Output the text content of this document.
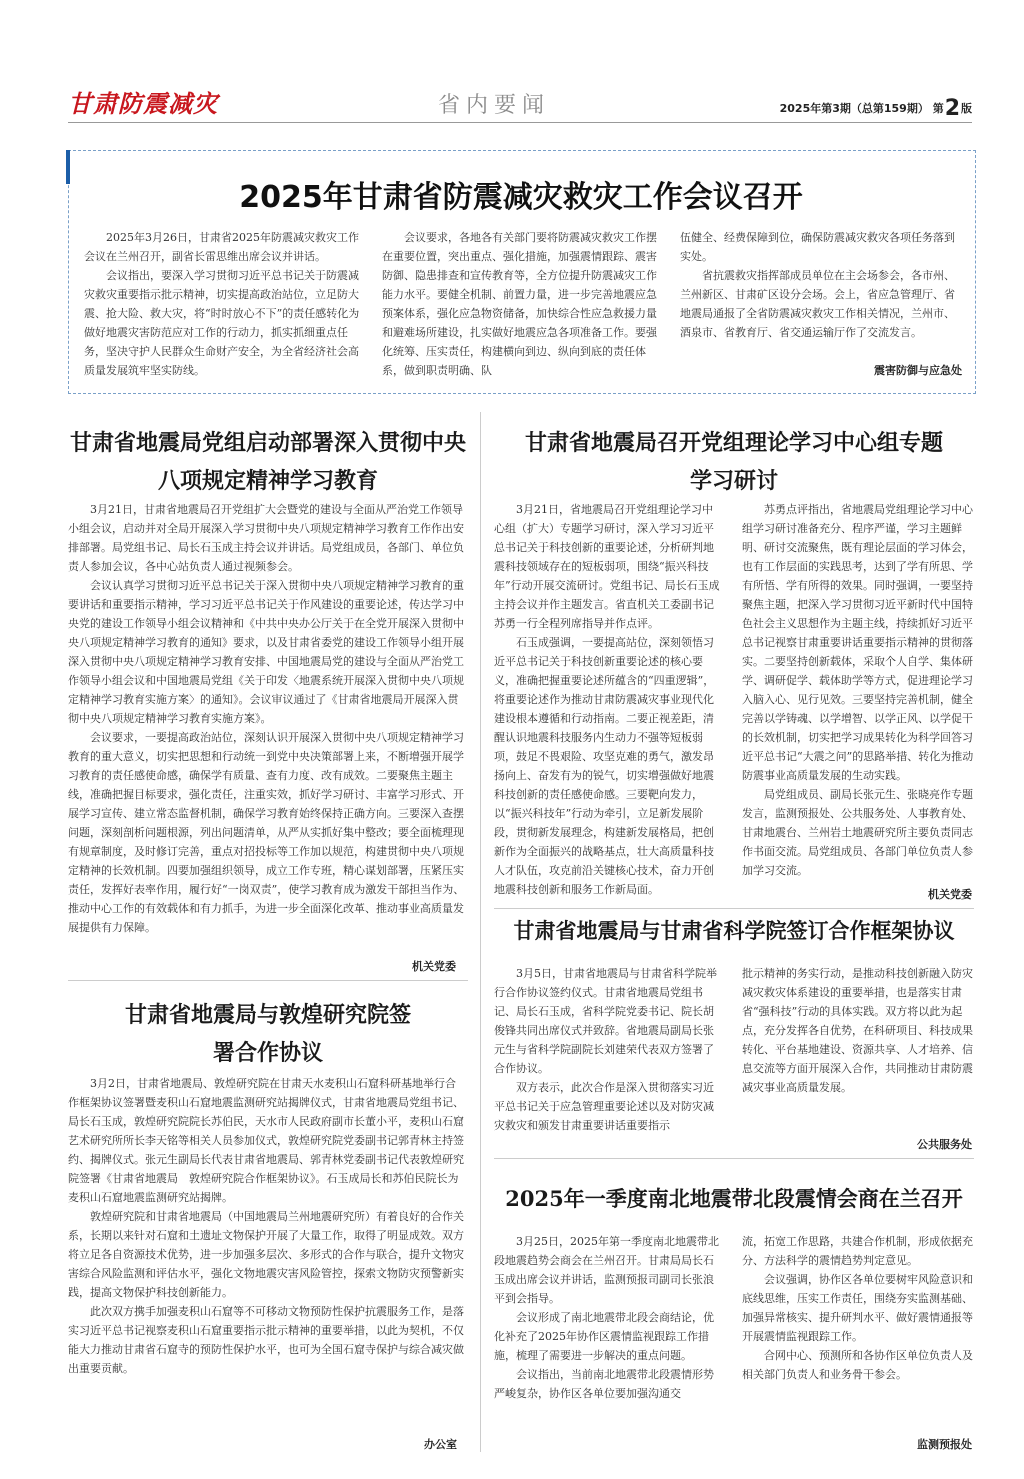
甘肃防震减灾	省内要闻	2025年第3期（总第159期） 第2版
2025年甘肃省防震减灾救灾工作会议召开

2025年3月26日，甘肃省2025年防震减灾救灾工作会议在兰州召开，副省长雷思维出席会议并讲话。

会议指出，要深入学习贯彻习近平总书记关于防震减灾救灾重要指示批示精神，切实提高政治站位，立足防大震、抢大险、救大灾，将“时时放心不下”的责任感转化为做好地震灾害防范应对工作的行动力，抓实抓细重点任务，坚决守护人民群众生命财产安全，为全省经济社会高质量发展筑牢坚实防线。

会议要求，各地各有关部门要将防震减灾救灾工作摆在重要位置，突出重点、强化措施，加强震情跟踪、震害防御、隐患排查和宣传教育等，全方位提升防震减灾工作能力水平。要健全机制、前置力量，进一步完善地震应急预案体系，强化应急物资储备，加快综合性应急救援力量和避难场所建设，扎实做好地震应急各项准备工作。要强化统筹、压实责任，构建横向到边、纵向到底的责任体系，做到职责明确、队

伍健全、经费保障到位，确保防震减灾救灾各项任务落到实处。

省抗震救灾指挥部成员单位在主会场参会，各市州、兰州新区、甘肃矿区设分会场。会上，省应急管理厅、省地震局通报了全省防震减灾救灾工作相关情况，兰州市、酒泉市、省教育厅、省交通运输厅作了交流发言。

震害防御与应急处
甘肃省地震局党组启动部署深入贯彻中央八项规定精神学习教育

3月21日，甘肃省地震局召开党组扩大会暨党的建设与全面从严治党工作领导小组会议，启动并对全局开展深入学习贯彻中央八项规定精神学习教育工作作出安排部署。局党组书记、局长石玉成主持会议并讲话。局党组成员，各部门、单位负责人参加会议，各中心站负责人通过视频参会。

会议认真学习贯彻习近平总书记关于深入贯彻中央八项规定精神学习教育的重要讲话和重要指示精神，学习习近平总书记关于作风建设的重要论述，传达学习中央党的建设工作领导小组会议精神和《中共中央办公厅关于在全党开展深入贯彻中央八项规定精神学习教育的通知》要求，以及甘肃省委党的建设工作领导小组开展深入贯彻中央八项规定精神学习教育安排、中国地震局党的建设与全面从严治党工作领导小组会议和中国地震局党组《关于印发〈地震系统开展深入贯彻中央八项规定精神学习教育实施方案〉的通知》。会议审议通过了《甘肃省地震局开展深入贯彻中央八项规定精神学习教育实施方案》。

会议要求，一要提高政治站位，深刻认识开展深入贯彻中央八项规定精神学习教育的重大意义，切实把思想和行动统一到党中央决策部署上来，不断增强开展学习教育的责任感使命感，确保学有质量、查有力度、改有成效。二要聚焦主题主线，准确把握目标要求，强化责任，注重实效，抓好学习研讨、丰富学习形式、开展学习宣传、建立常态监督机制，确保学习教育始终保持正确方向。三要深入查摆问题，深刻剖析问题根源，列出问题清单，从严从实抓好集中整改；要全面梳理现有规章制度，及时修订完善，重点对招投标等工作加以规范，构建贯彻中央八项规定精神的长效机制。四要加强组织领导，成立工作专班，精心谋划部署，压紧压实责任，发挥好表率作用，履行好“一岗双责”，使学习教育成为激发干部担当作为、推动中心工作的有效载体和有力抓手，为进一步全面深化改革、推动事业高质量发展提供有力保障。

机关党委
甘肃省地震局与敦煌研究院签署合作协议

3月2日，甘肃省地震局、敦煌研究院在甘肃天水麦积山石窟科研基地举行合作框架协议签署暨麦积山石窟地震监测研究站揭牌仪式，甘肃省地震局党组书记、局长石玉成，敦煌研究院院长苏伯民，天水市人民政府副市长董小平，麦积山石窟艺术研究所所长李天铭等相关人员参加仪式，敦煌研究院党委副书记郭青林主持签约、揭牌仪式。张元生副局长代表甘肃省地震局、郭青林党委副书记代表敦煌研究院签署《甘肃省地震局　敦煌研究院合作框架协议》。石玉成局长和苏伯民院长为麦积山石窟地震监测研究站揭牌。

敦煌研究院和甘肃省地震局（中国地震局兰州地震研究所）有着良好的合作关系，长期以来针对石窟和土遗址文物保护开展了大量工作，取得了明显成效。双方将立足各自资源技术优势，进一步加强多层次、多形式的合作与联合，提升文物灾害综合风险监测和评估水平，强化文物地震灾害风险管控，探索文物防灾预警新实践，提高文物保护科技创新能力。

此次双方携手加强麦积山石窟等不可移动文物预防性保护抗震服务工作，是落实习近平总书记视察麦积山石窟重要指示批示精神的重要举措，以此为契机，不仅能大力推动甘肃省石窟寺的预防性保护水平，也可为全国石窟寺保护与综合减灾做出重要贡献。

办公室
甘肃省地震局召开党组理论学习中心组专题学习研讨

3月21日，省地震局召开党组理论学习中心组（扩大）专题学习研讨，深入学习习近平总书记关于科技创新的重要论述，分析研判地震科技领域存在的短板弱项，围绕“振兴科技年”行动开展交流研讨。党组书记、局长石玉成主持会议并作主题发言。省直机关工委副书记苏勇一行全程列席指导并作点评。

石玉成强调，一要提高站位，深刻领悟习近平总书记关于科技创新重要论述的核心要义，准确把握重要论述所蕴含的“四重逻辑”，将重要论述作为推动甘肃防震减灾事业现代化建设根本遵循和行动指南。二要正视差距，清醒认识地震科技服务内生动力不强等短板弱项，鼓足不畏艰险、攻坚克难的勇气，激发昂扬向上、奋发有为的锐气，切实增强做好地震科技创新的责任感使命感。三要靶向发力，以“振兴科技年”行动为牵引，立足新发展阶段，贯彻新发展理念，构建新发展格局，把创新作为全面振兴的战略基点，壮大高质量科技人才队伍，攻克前沿关键核心技术，奋力开创地震科技创新和服务工作新局面。

苏勇点评指出，省地震局党组理论学习中心组学习研讨准备充分、程序严谨，学习主题鲜明、研讨交流聚焦，既有理论层面的学习体会，也有工作层面的实践思考，达到了学有所思、学有所悟、学有所得的效果。同时强调，一要坚持聚焦主题，把深入学习贯彻习近平新时代中国特色社会主义思想作为主题主线，持续抓好习近平总书记视察甘肃重要讲话重要指示精神的贯彻落实。二要坚持创新载体，采取个人自学、集体研学、调研促学、载体助学等方式，促进理论学习入脑入心、见行见效。三要坚持完善机制，健全完善以学铸魂、以学增智、以学正风、以学促干的长效机制，切实把学习成果转化为科学回答习近平总书记“大震之问”的思路举措、转化为推动防震事业高质量发展的生动实践。

局党组成员、副局长张元生、张晓亮作专题发言，监测预报处、公共服务处、人事教育处、甘肃地震台、兰州岩土地震研究所主要负责同志作书面交流。局党组成员、各部门单位负责人参加学习交流。

机关党委
甘肃省地震局与甘肃省科学院签订合作框架协议

3月5日，甘肃省地震局与甘肃省科学院举行合作协议签约仪式。甘肃省地震局党组书记、局长石玉成，省科学院党委书记、院长胡俊锋共同出席仪式并致辞。省地震局副局长张元生与省科学院副院长刘建荣代表双方签署了合作协议。

双方表示，此次合作是深入贯彻落实习近平总书记关于应急管理重要论述以及对防灾减灾救灾和颁发甘肃重要讲话重要指示

批示精神的务实行动，是推动科技创新融入防灾减灾救灾体系建设的重要举措，也是落实甘肃省“强科技”行动的具体实践。双方将以此为起点，充分发挥各自优势，在科研项目、科技成果转化、平台基地建设、资源共享、人才培养、信息交流等方面开展深入合作，共同推动甘肃防震减灾事业高质量发展。

公共服务处
2025年一季度南北地震带北段震情会商在兰召开

3月25日，2025年第一季度南北地震带北段地震趋势会商会在兰州召开。甘肃局局长石玉成出席会议并讲话，监测预报司副司长张浪平到会指导。

会议形成了南北地震带北段会商结论，优化补充了2025年协作区震情监视跟踪工作措施，梳理了需要进一步解决的重点问题。

会议指出，当前南北地震带北段震情形势严峻复杂，协作区各单位要加强沟通交

流，拓宽工作思路，共建合作机制，形成依据充分、方法科学的震情趋势判定意见。

会议强调，协作区各单位要树牢风险意识和底线思维，压实工作责任，围绕夯实监测基础、加强异常核实、提升研判水平、做好震情通报等开展震情监视跟踪工作。

合网中心、预测所和各协作区单位负责人及相关部门负责人和业务骨干参会。

监测预报处
